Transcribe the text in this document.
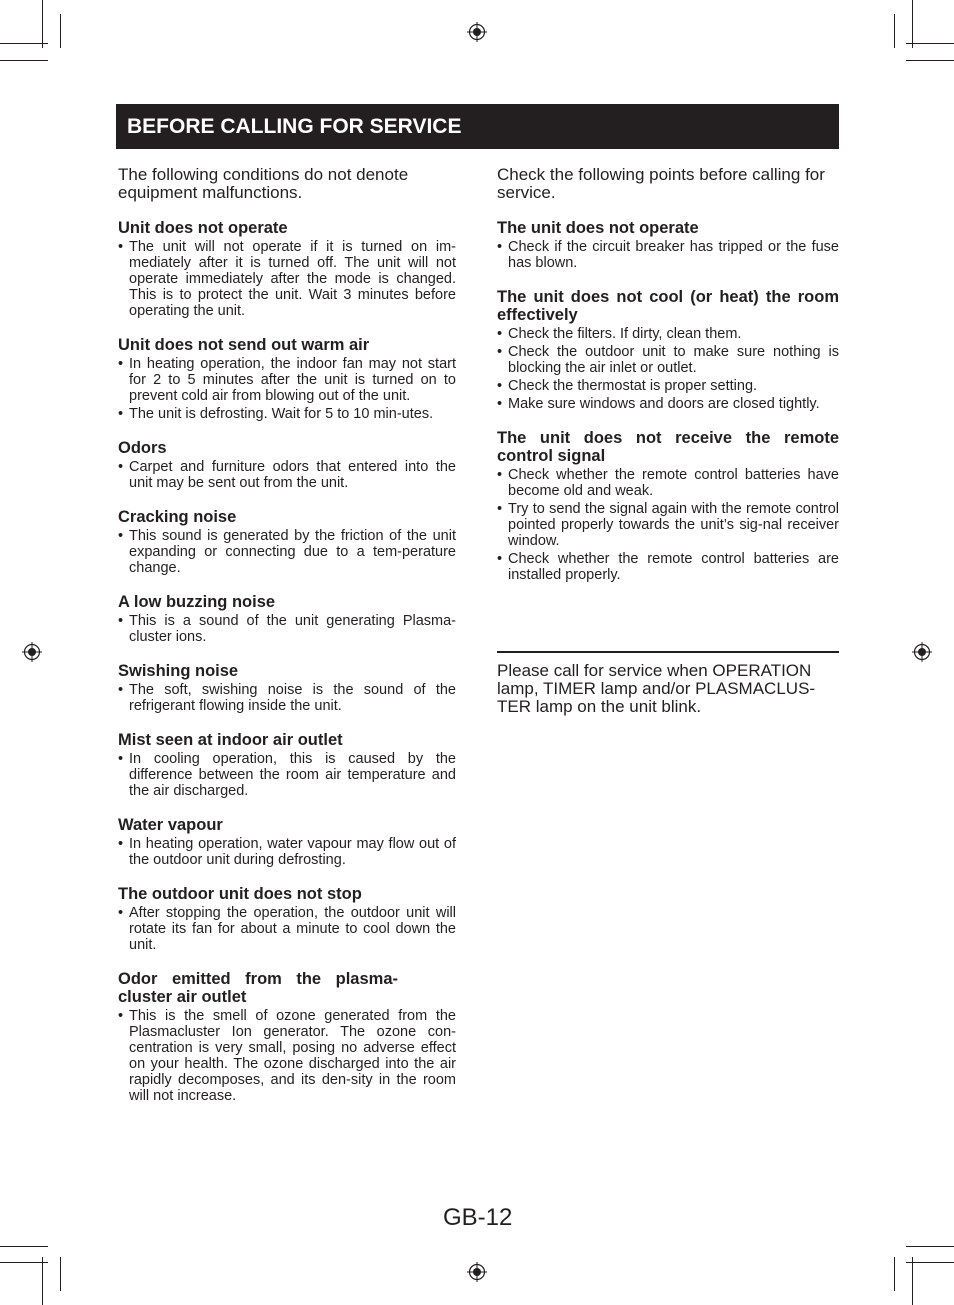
BEFORE CALLING FOR SERVICE

The following conditions do not denote equipment malfunctions.

Unit does not operate
• The unit will not operate if it is turned on im-mediately after it is turned off. The unit will not operate immediately after the mode is changed. This is to protect the unit. Wait 3 minutes before operating the unit.
Unit does not send out warm air
• In heating operation, the indoor fan may not start for 2 to 5 minutes after the unit is turned on to prevent cold air from blowing out of the unit.
• The unit is defrosting. Wait for 5 to 10 min-utes.
Odors
• Carpet and furniture odors that entered into the unit may be sent out from the unit.
Cracking noise
• This sound is generated by the friction of the unit expanding or connecting due to a tem-perature change.
A low buzzing noise
• This is a sound of the unit generating Plasma-cluster ions.
Swishing noise
• The soft, swishing noise is the sound of the refrigerant flowing inside the unit.
Mist seen at indoor air outlet
• In cooling operation, this is caused by the difference between the room air temperature and the air discharged.
Water vapour
• In heating operation, water vapour may flow out of the outdoor unit during defrosting.
The outdoor unit does not stop
• After stopping the operation, the outdoor unit will rotate its fan for about a minute to cool down the unit.
Odor emitted from the plasma-cluster air outlet
• This is the smell of ozone generated from the Plasmacluster Ion generator. The ozone con-centration is very small, posing no adverse effect on your health. The ozone discharged into the air rapidly decomposes, and its den-sity in the room will not increase.

Check the following points before calling for service.

The unit does not operate
• Check if the circuit breaker has tripped or the fuse has blown.
The unit does not cool (or heat) the room effectively
• Check the filters. If dirty, clean them.
• Check the outdoor unit to make sure nothing is blocking the air inlet or outlet.
• Check the thermostat is proper setting.
• Make sure windows and doors are closed tightly.
The unit does not receive the remote control signal
• Check whether the remote control batteries have become old and weak.
• Try to send the signal again with the remote control pointed properly towards the unit’s sig-nal receiver window.
• Check whether the remote control batteries are installed properly.

Please call for service when OPERATION lamp, TIMER lamp and/or PLASMACLUS-TER lamp on the unit blink.

GB-12
